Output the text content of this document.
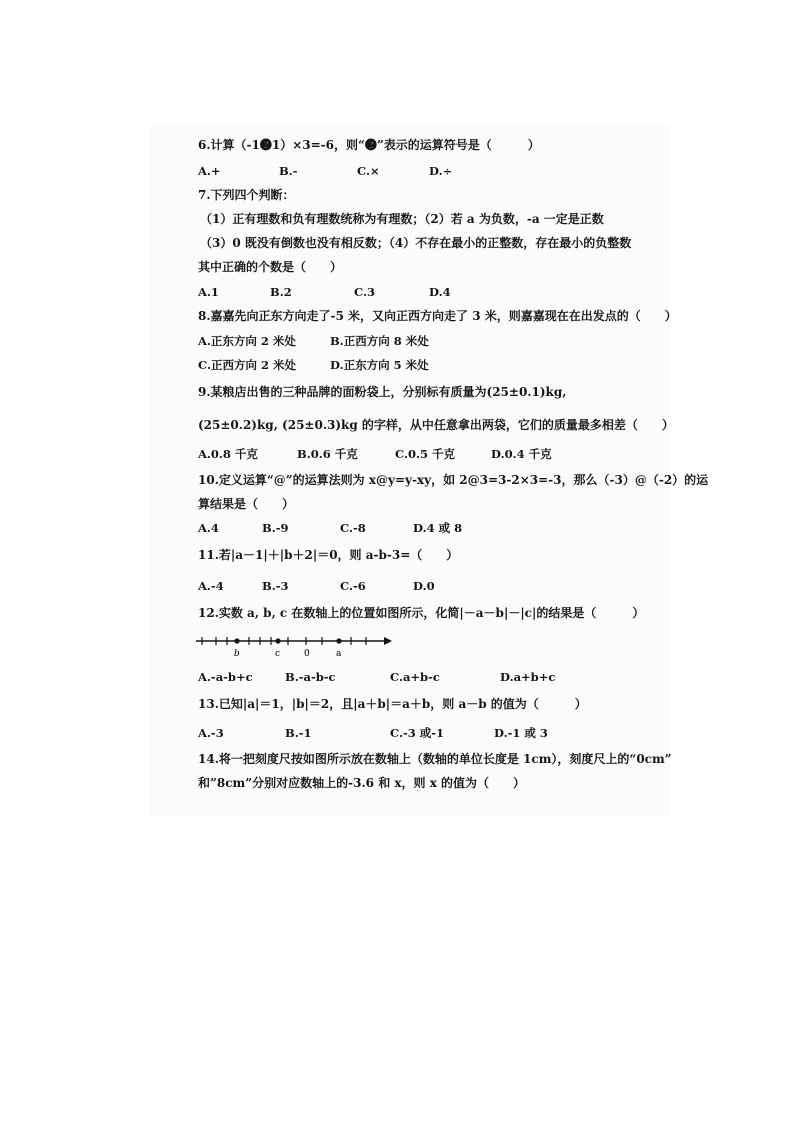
6.计算（-1❷1）×3=-6，则“❷”表示的运算符号是（　　　）
A.+	B.-	C.×	D.÷
7.下列四个判断：
（1）正有理数和负有理数统称为有理数；（2）若 a 为负数，-a 一定是正数
（3）0 既没有倒数也没有相反数；（4）不存在最小的正整数，存在最小的负整数
其中正确的个数是（　　）
A.1	B.2	C.3	D.4
8.嘉嘉先向正东方向走了-5 米，又向正西方向走了 3 米，则嘉嘉现在在出发点的（　　）
A.正东方向 2 米处	B.正西方向 8 米处
C.正西方向 2 米处	D.正东方向 5 米处
9.某粮店出售的三种品牌的面粉袋上，分别标有质量为(25±0.1)kg,
(25±0.2)kg, (25±0.3)kg 的字样，从中任意拿出两袋，它们的质量最多相差（　　）
A.0.8 千克	B.0.6 千克	C.0.5 千克	D.0.4 千克
10.定义运算“@”的运算法则为 x@y=y-xy，如 2@3=3-2×3=-3，那么（-3）@（-2）的运
算结果是（　　）
A.4	B.-9	C.-8	D.4 或 8
11.若|a－1|＋|b＋2|＝0，则 a-b-3=（　　）
A.-4	B.-3	C.-6	D.0
12.实数 a, b, c 在数轴上的位置如图所示，化简|－a－b|－|c|的结果是（　　　）
b	c	0	a
A.-a-b+c	B.-a-b-c	C.a+b-c	D.a+b+c
13.已知|a|＝1，|b|＝2，且|a＋b|＝a＋b，则 a－b 的值为（　　　）
A.-3	B.-1	C.-3 或-1	D.-1 或 3
14.将一把刻度尺按如图所示放在数轴上（数轴的单位长度是 1cm），刻度尺上的“0cm”
和”8cm”分别对应数轴上的-3.6 和 x，则 x 的值为（　　）
